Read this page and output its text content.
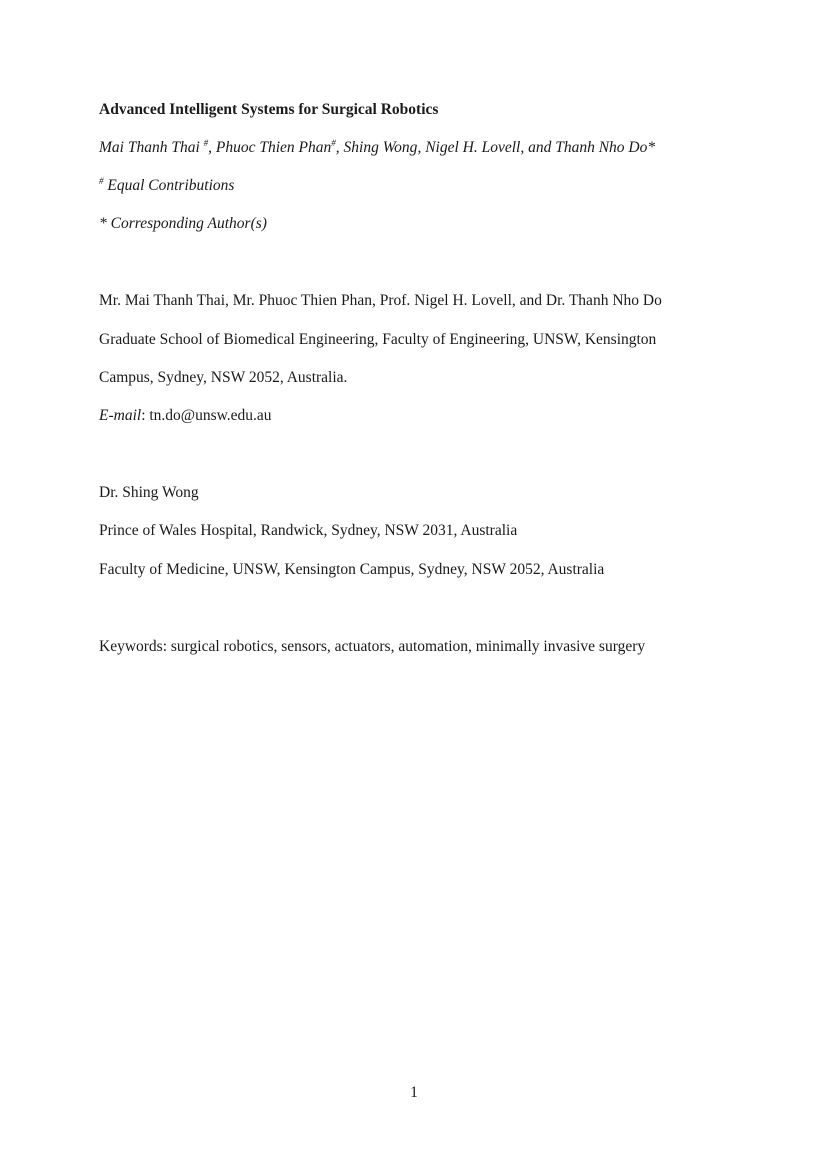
Advanced Intelligent Systems for Surgical Robotics
Mai Thanh Thai #, Phuoc Thien Phan#, Shing Wong, Nigel H. Lovell, and Thanh Nho Do*
# Equal Contributions
* Corresponding Author(s)
Mr. Mai Thanh Thai, Mr. Phuoc Thien Phan, Prof. Nigel H. Lovell, and Dr. Thanh Nho Do
Graduate School of Biomedical Engineering, Faculty of Engineering, UNSW, Kensington
Campus, Sydney, NSW 2052, Australia.
E-mail: tn.do@unsw.edu.au
Dr. Shing Wong
Prince of Wales Hospital, Randwick, Sydney, NSW 2031, Australia
Faculty of Medicine, UNSW, Kensington Campus, Sydney, NSW 2052, Australia
Keywords: surgical robotics, sensors, actuators, automation, minimally invasive surgery
1
